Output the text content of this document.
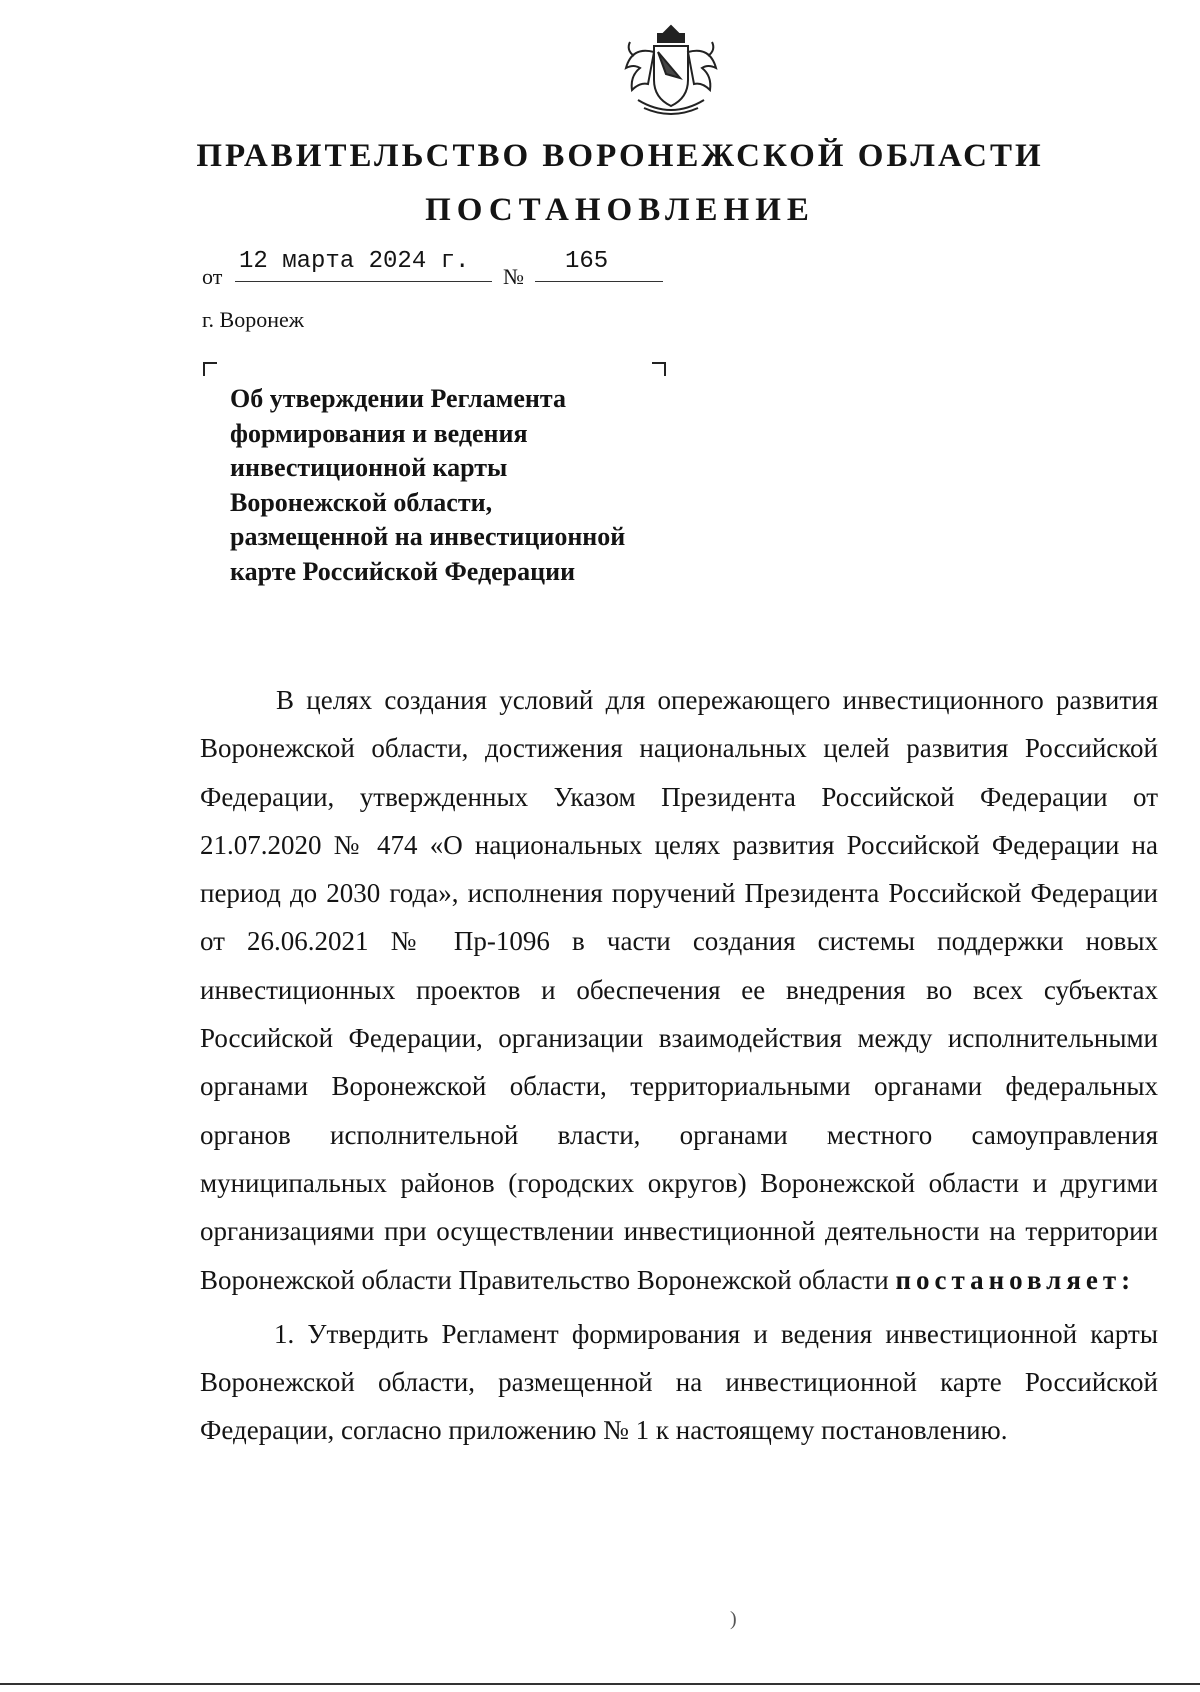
ПРАВИТЕЛЬСТВО ВОРОНЕЖСКОЙ ОБЛАСТИ
ПОСТАНОВЛЕНИЕ
от
12 марта 2024 г.
№
165
г. Воронеж
Об утверждении Регламента
формирования и ведения
инвестиционной карты
Воронежской области,
размещенной на инвестиционной
карте Российской Федерации

В целях создания условий для опережающего инвестиционного развития Воронежской области, достижения национальных целей развития Российской Федерации, утвержденных Указом Президента Российской Федерации от 21.07.2020 № 474 «О национальных целях развития Российской Федерации на период до 2030 года», исполнения поручений Президента Российской Федерации от 26.06.2021 № Пр-1096 в части создания системы поддержки новых инвестиционных проектов и обеспечения ее внедрения во всех субъектах Российской Федерации, организации взаимодействия между исполнительными органами Воронежской области, территориальными органами федеральных органов исполнительной власти, органами местного самоуправления муниципальных районов (городских округов) Воронежской области и другими организациями при осуществлении инвестиционной деятельности на территории Воронежской области Правительство Воронежской области постановляет:

1. Утвердить Регламент формирования и ведения инвестиционной карты Воронежской области, размещенной на инвестиционной карте Российской Федерации, согласно приложению № 1 к настоящему постановлению.

)
